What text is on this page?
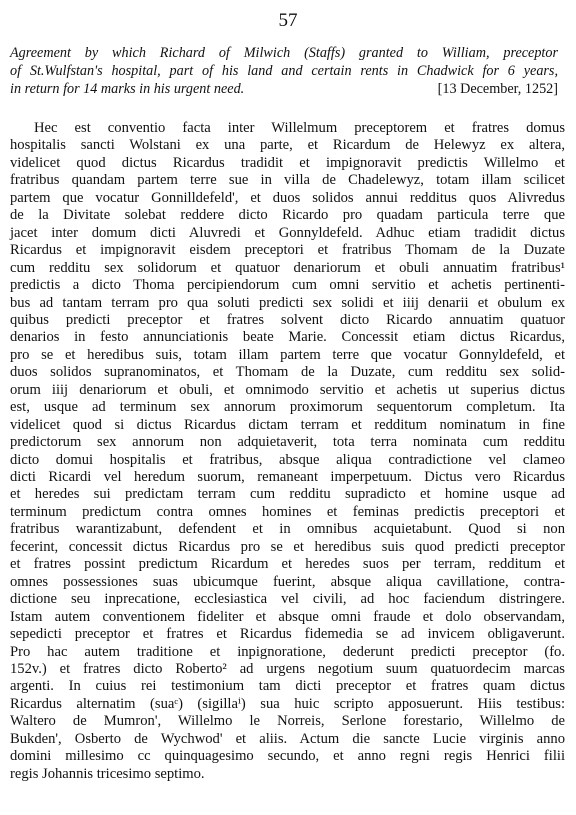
57
Agreement by which Richard of Milwich (Staffs) granted to William, preceptor
of St.Wulfstan's hospital, part of his land and certain rents in Chadwick for 6 years,
in return for 14 marks in his urgent need.	[13 December, 1252]
Hec est conventio facta inter Willelmum preceptorem et fratres domus
hospitalis sancti Wolstani ex una parte, et Ricardum de Helewyz ex altera,
videlicet quod dictus Ricardus tradidit et impignoravit predictis Willelmo et
fratribus quandam partem terre sue in villa de Chadelewyz, totam illam scilicet
partem que vocatur Gonnilldefeld', et duos solidos annui redditus quos Alivredus
de la Divitate solebat reddere dicto Ricardo pro quadam particula terre que
jacet inter domum dicti Aluvredi et Gonnyldefeld. Adhuc etiam tradidit dictus
Ricardus et impignoravit eisdem preceptori et fratribus Thomam de la Duzate
cum redditu sex solidorum et quatuor denariorum et obuli annuatim fratribus¹
predictis a dicto Thoma percipiendorum cum omni servitio et achetis pertinenti-
bus ad tantam terram pro qua soluti predicti sex solidi et iiij denarii et obulum ex
quibus predicti preceptor et fratres solvent dicto Ricardo annuatim quatuor
denarios in festo annunciationis beate Marie. Concessit etiam dictus Ricardus,
pro se et heredibus suis, totam illam partem terre que vocatur Gonnyldefeld, et
duos solidos supranominatos, et Thomam de la Duzate, cum redditu sex solid-
orum iiij denariorum et obuli, et omnimodo servitio et achetis ut superius dictus
est, usque ad terminum sex annorum proximorum sequentorum completum. Ita
videlicet quod si dictus Ricardus dictam terram et redditum nominatum in fine
predictorum sex annorum non adquietaverit, tota terra nominata cum redditu
dicto domui hospitalis et fratribus, absque aliqua contradictione vel clameo
dicti Ricardi vel heredum suorum, remaneant imperpetuum. Dictus vero Ricardus
et heredes sui predictam terram cum redditu supradicto et homine usque ad
terminum predictum contra omnes homines et feminas predictis preceptori et
fratribus warantizabunt, defendent et in omnibus acquietabunt. Quod si non
fecerint, concessit dictus Ricardus pro se et heredibus suis quod predicti preceptor
et fratres possint predictum Ricardum et heredes suos per terram, redditum et
omnes possessiones suas ubicumque fuerint, absque aliqua cavillatione, contra-
dictione seu inprecatione, ecclesiastica vel civili, ad hoc faciendum distringere.
Istam autem conventionem fideliter et absque omni fraude et dolo observandam,
sepedicti preceptor et fratres et Ricardus fidemedia se ad invicem obligaverunt.
Pro hac autem traditione et inpignoratione, dederunt predicti preceptor (fo.
152v.) et fratres dicto Roberto² ad urgens negotium suum quatuordecim marcas
argenti. In cuius rei testimonium tam dicti preceptor et fratres quam dictus
Ricardus alternatim (suaᶜ) (sigillaⁱ) sua huic scripto apposuerunt. Hiis testibus:
Waltero de Mumron', Willelmo le Norreis, Serlone forestario, Willelmo de
Bukden', Osberto de Wychwod' et aliis. Actum die sancte Lucie virginis anno
domini millesimo cc quinquagesimo secundo, et anno regni regis Henrici filii
regis Johannis tricesimo septimo.
